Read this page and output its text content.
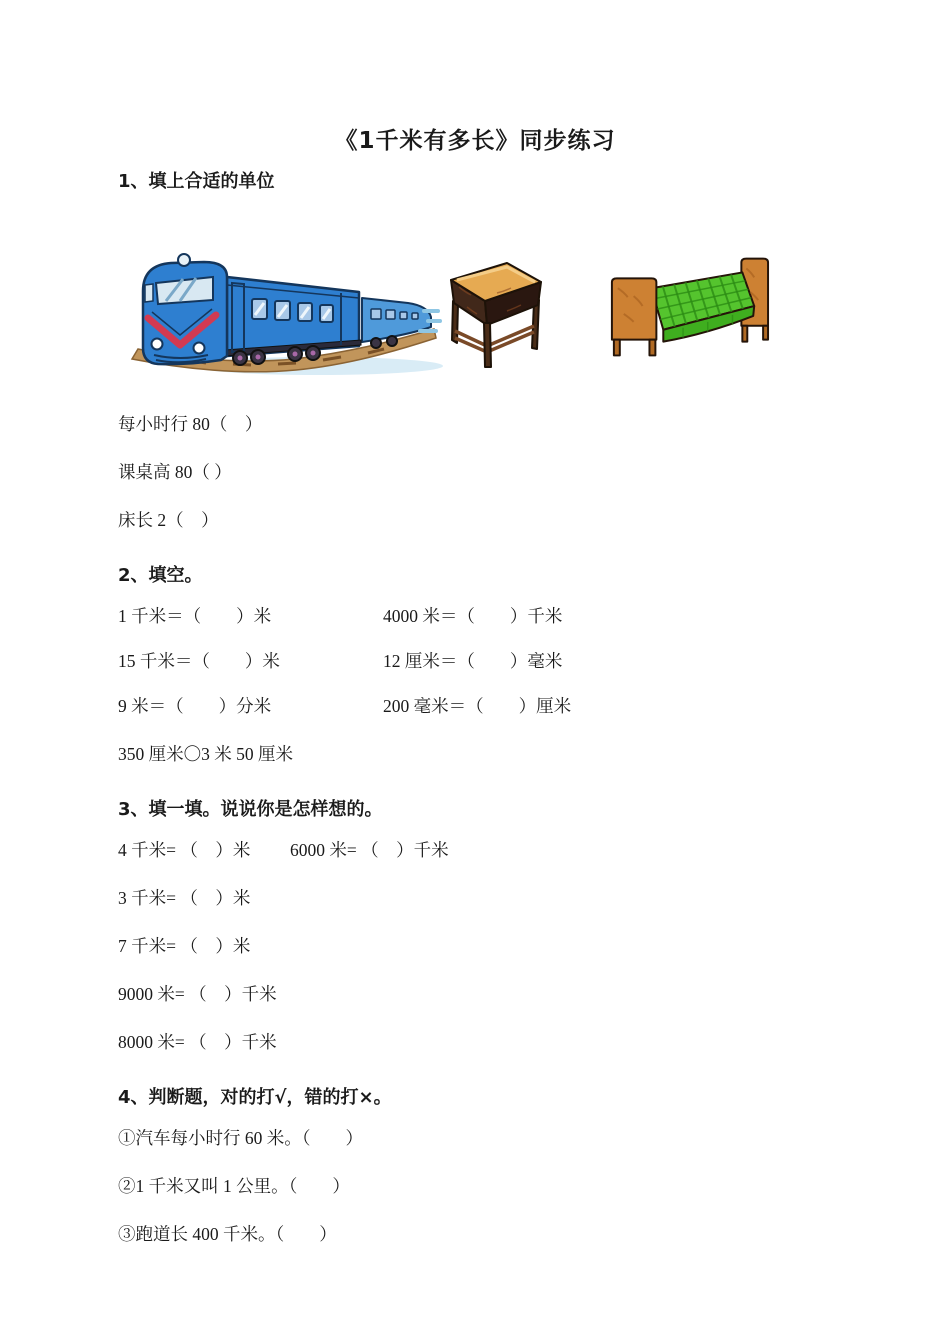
《1千米有多长》同步练习
1、填上合适的单位

每小时行 80（　）

课桌高 80（ ）

床长 2（　）

2、填空。
1 千米＝（　　）米	4000 米＝（　　）千米
15 千米＝（　　）米	12 厘米＝（　　）毫米
9 米＝（　　）分米	200 毫米＝（　　）厘米

350 厘米〇3 米 50 厘米

3、填一填。说说你是怎样想的。
4 千米= （　）米	6000 米= （　）千米

3 千米= （　）米

7 千米= （　）米

9000 米= （　）千米

8000 米= （　）千米

4、判断题，对的打√，错的打×。

①汽车每小时行 60 米。（　　）

②1 千米又叫 1 公里。（　　）

③跑道长 400 千米。（　　）
